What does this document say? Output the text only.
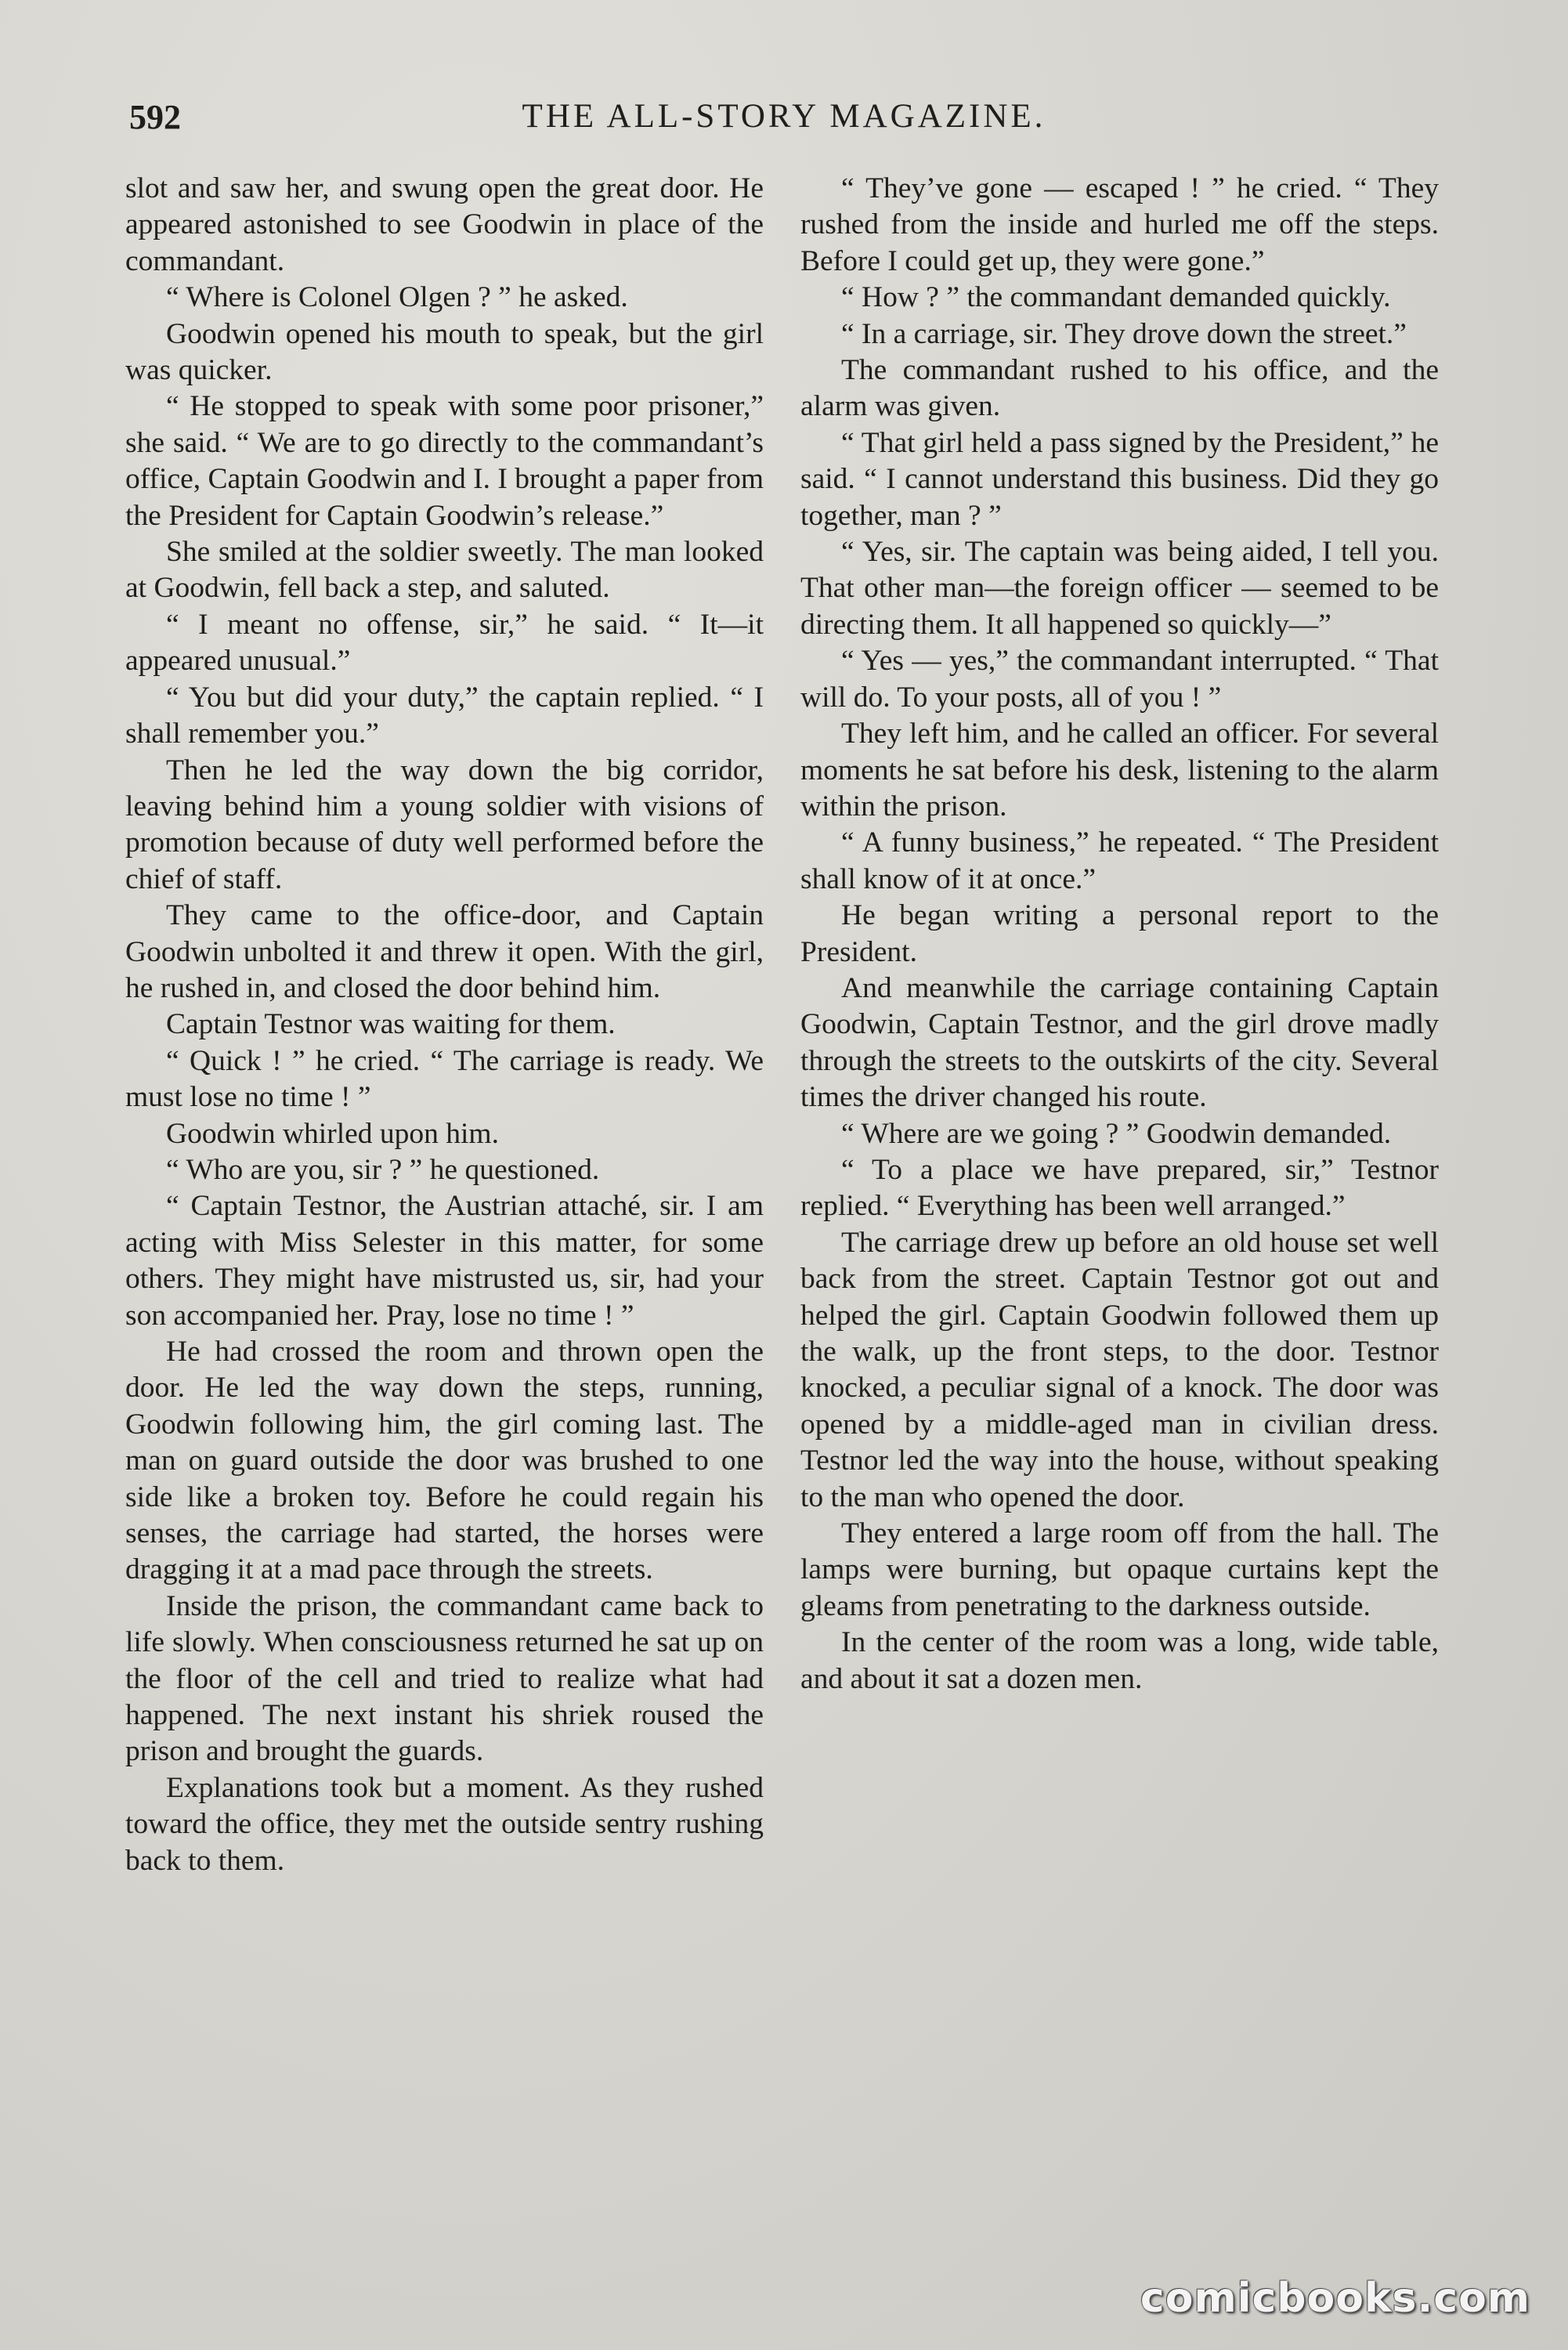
592	THE ALL-STORY MAGAZINE.

slot and saw her, and swung open the great door. He appeared astonished to see Goodwin in place of the commandant.

“ Where is Colonel Olgen ? ” he asked.

Goodwin opened his mouth to speak, but the girl was quicker.

“ He stopped to speak with some poor prisoner,” she said. “ We are to go directly to the commandant’s office, Captain Goodwin and I. I brought a paper from the President for Captain Goodwin’s release.”

She smiled at the soldier sweetly. The man looked at Goodwin, fell back a step, and saluted.

“ I meant no offense, sir,” he said. “ It—it appeared unusual.”

“ You but did your duty,” the captain replied. “ I shall remember you.”

Then he led the way down the big corridor, leaving behind him a young soldier with visions of promotion because of duty well performed before the chief of staff.

They came to the office-door, and Captain Goodwin unbolted it and threw it open. With the girl, he rushed in, and closed the door behind him.

Captain Testnor was waiting for them.

“ Quick ! ” he cried. “ The carriage is ready. We must lose no time ! ”

Goodwin whirled upon him.

“ Who are you, sir ? ” he questioned.

“ Captain Testnor, the Austrian attaché, sir. I am acting with Miss Selester in this matter, for some others. They might have mistrusted us, sir, had your son accompanied her. Pray, lose no time ! ”

He had crossed the room and thrown open the door. He led the way down the steps, running, Goodwin following him, the girl coming last. The man on guard outside the door was brushed to one side like a broken toy. Before he could regain his senses, the carriage had started, the horses were dragging it at a mad pace through the streets.

Inside the prison, the commandant came back to life slowly. When consciousness returned he sat up on the floor of the cell and tried to realize what had happened. The next instant his shriek roused the prison and brought the guards.

Explanations took but a moment. As they rushed toward the office, they met the outside sentry rushing back to them.

“ They’ve gone — escaped ! ” he cried. “ They rushed from the inside and hurled me off the steps. Before I could get up, they were gone.”

“ How ? ” the commandant demanded quickly.

“ In a carriage, sir. They drove down the street.”

The commandant rushed to his office, and the alarm was given.

“ That girl held a pass signed by the President,” he said. “ I cannot understand this business. Did they go together, man ? ”

“ Yes, sir. The captain was being aided, I tell you. That other man—the foreign officer — seemed to be directing them. It all happened so quickly—”

“ Yes — yes,” the commandant interrupted. “ That will do. To your posts, all of you ! ”

They left him, and he called an officer. For several moments he sat before his desk, listening to the alarm within the prison.

“ A funny business,” he repeated. “ The President shall know of it at once.”

He began writing a personal report to the President.

And meanwhile the carriage containing Captain Goodwin, Captain Testnor, and the girl drove madly through the streets to the outskirts of the city. Several times the driver changed his route.

“ Where are we going ? ” Goodwin demanded.

“ To a place we have prepared, sir,” Testnor replied. “ Everything has been well arranged.”

The carriage drew up before an old house set well back from the street. Captain Testnor got out and helped the girl. Captain Goodwin followed them up the walk, up the front steps, to the door. Testnor knocked, a peculiar signal of a knock. The door was opened by a middle-aged man in civilian dress. Testnor led the way into the house, without speaking to the man who opened the door.

They entered a large room off from the hall. The lamps were burning, but opaque curtains kept the gleams from penetrating to the darkness outside.

In the center of the room was a long, wide table, and about it sat a dozen men.

comicbooks.com
